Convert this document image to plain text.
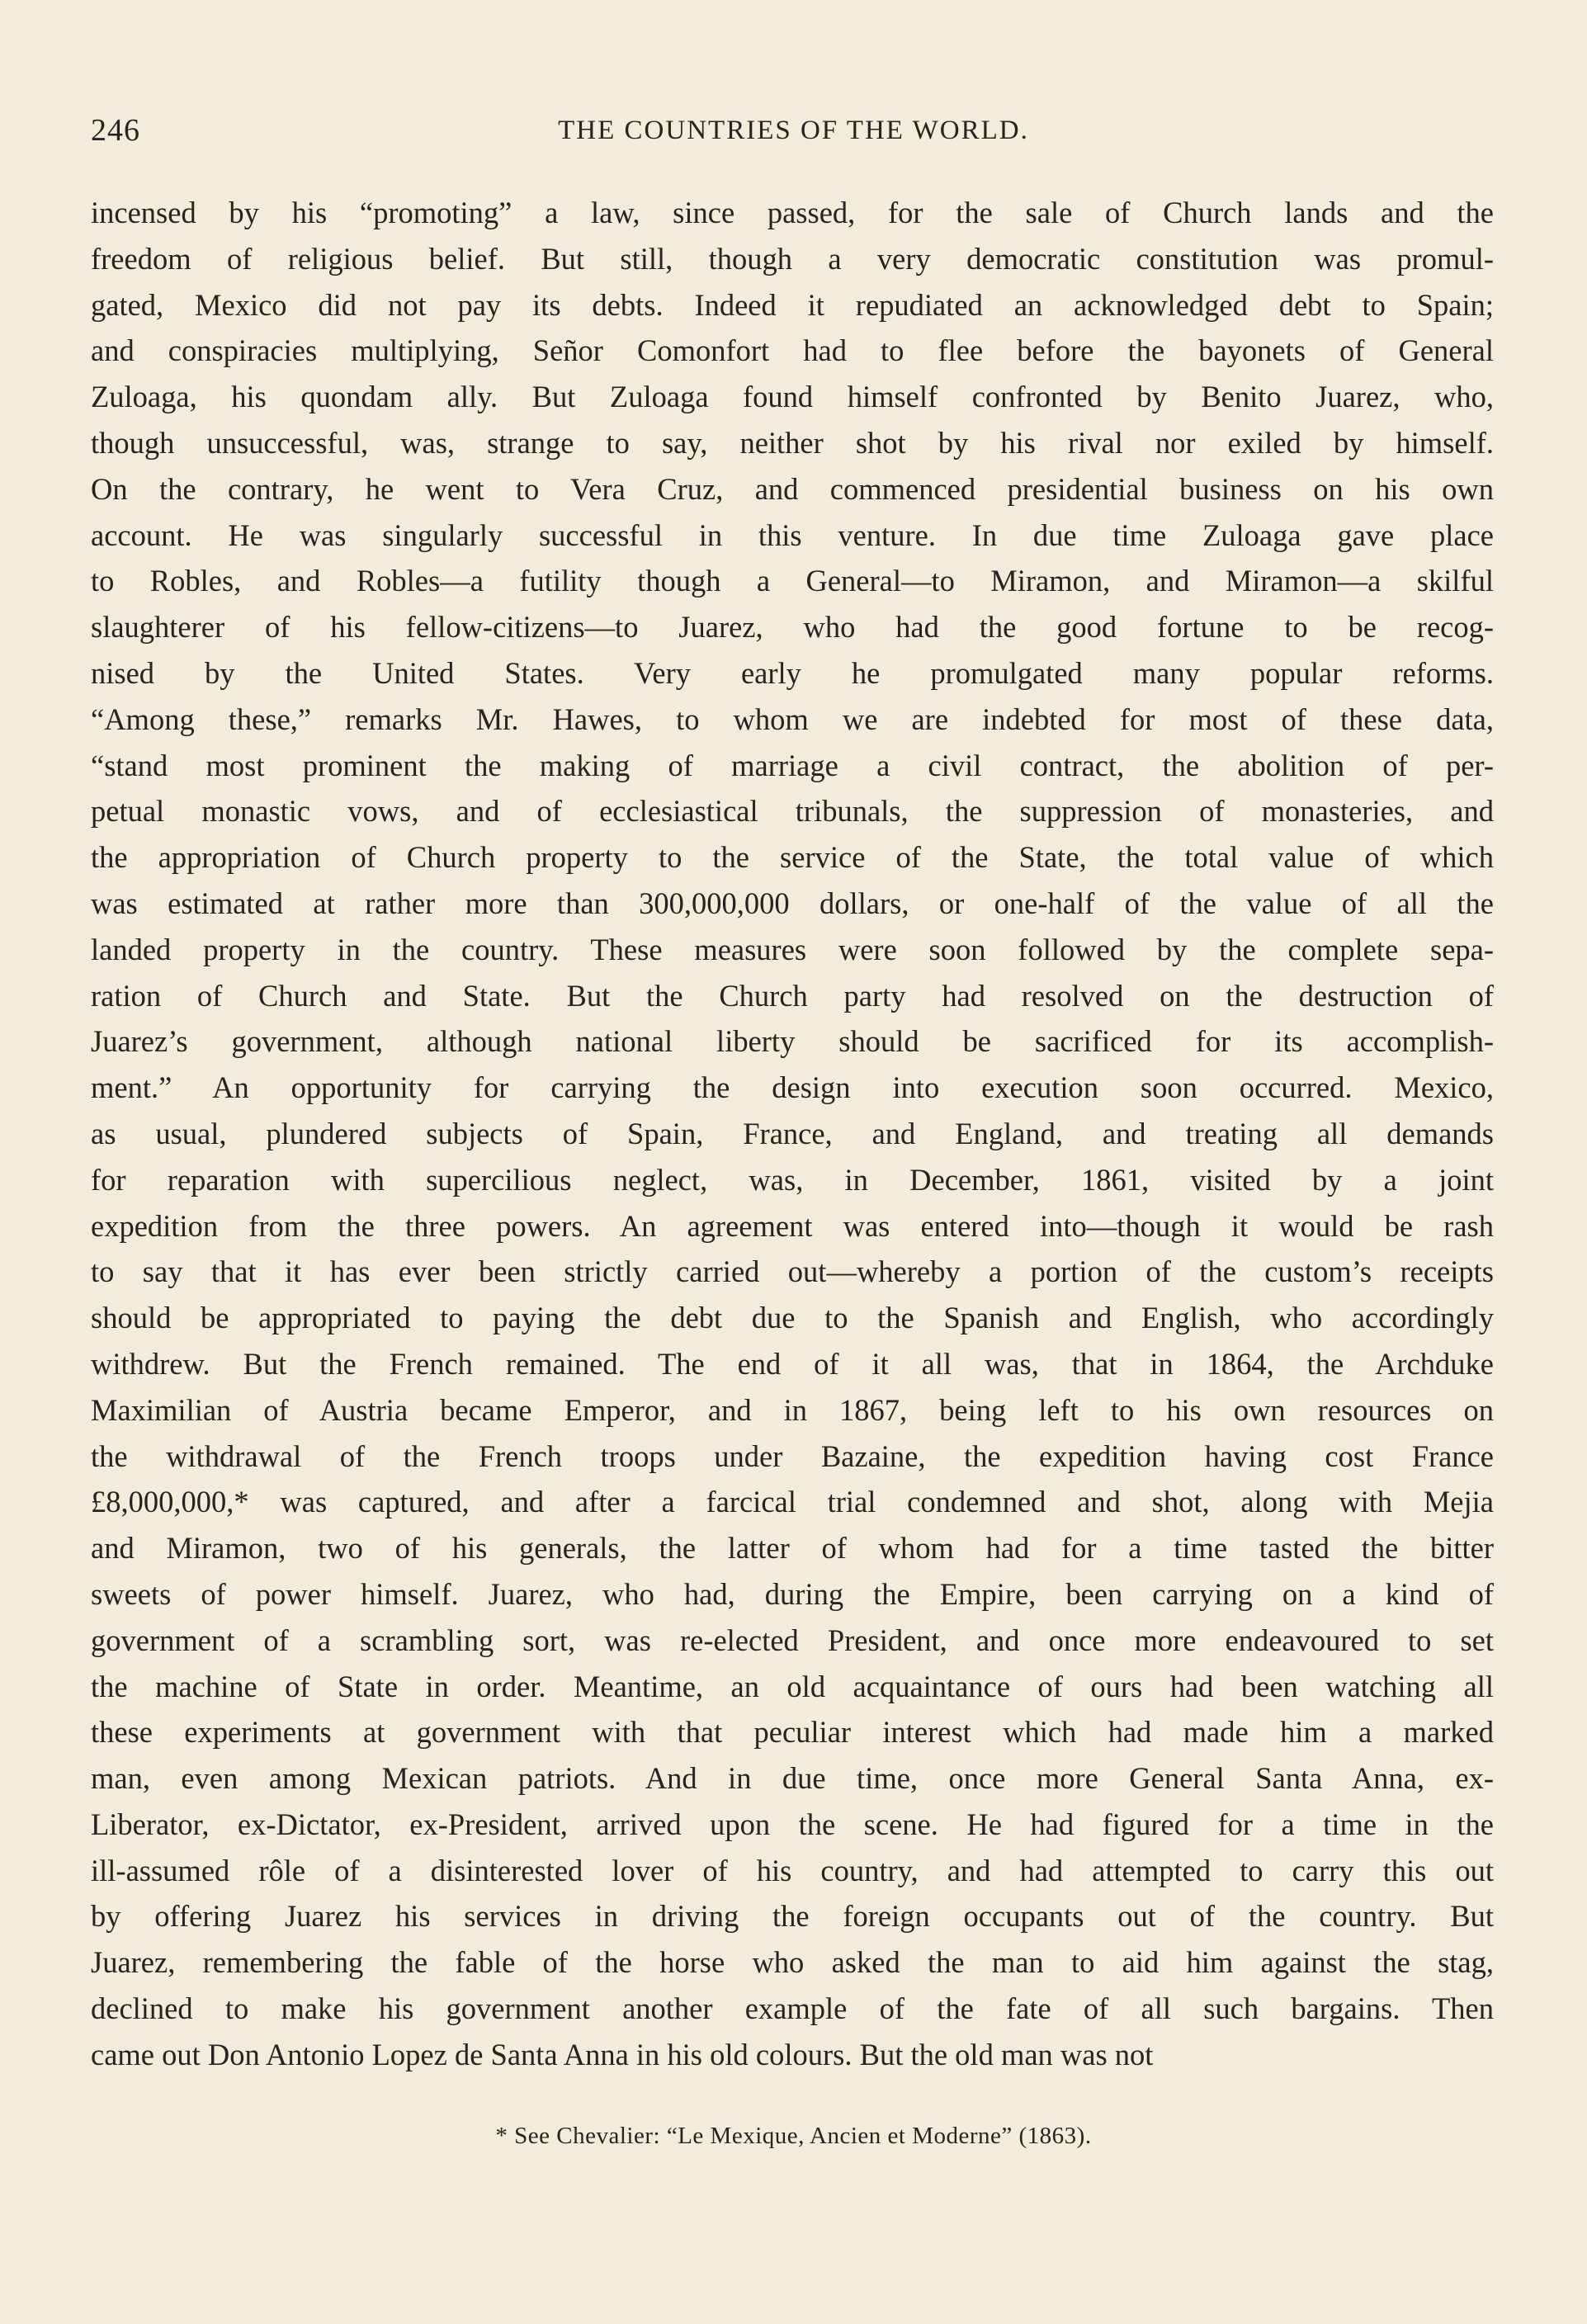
246	THE COUNTRIES OF THE WORLD.
incensed by his “promoting” a law, since passed, for the sale of Church lands and the
freedom of religious belief. But still, though a very democratic constitution was promul-
gated, Mexico did not pay its debts. Indeed it repudiated an acknowledged debt to Spain;
and conspiracies multiplying, Señor Comonfort had to flee before the bayonets of General
Zuloaga, his quondam ally. But Zuloaga found himself confronted by Benito Juarez, who,
though unsuccessful, was, strange to say, neither shot by his rival nor exiled by himself.
On the contrary, he went to Vera Cruz, and commenced presidential business on his own
account. He was singularly successful in this venture. In due time Zuloaga gave place
to Robles, and Robles—a futility though a General—to Miramon, and Miramon—a skilful
slaughterer of his fellow-citizens—to Juarez, who had the good fortune to be recog-
nised by the United States. Very early he promulgated many popular reforms.
“Among these,” remarks Mr. Hawes, to whom we are indebted for most of these data,
“stand most prominent the making of marriage a civil contract, the abolition of per-
petual monastic vows, and of ecclesiastical tribunals, the suppression of monasteries, and
the appropriation of Church property to the service of the State, the total value of which
was estimated at rather more than 300,000,000 dollars, or one-half of the value of all the
landed property in the country. These measures were soon followed by the complete sepa-
ration of Church and State. But the Church party had resolved on the destruction of
Juarez’s government, although national liberty should be sacrificed for its accomplish-
ment.” An opportunity for carrying the design into execution soon occurred. Mexico,
as usual, plundered subjects of Spain, France, and England, and treating all demands
for reparation with supercilious neglect, was, in December, 1861, visited by a joint
expedition from the three powers. An agreement was entered into—though it would be rash
to say that it has ever been strictly carried out—whereby a portion of the custom’s receipts
should be appropriated to paying the debt due to the Spanish and English, who accordingly
withdrew. But the French remained. The end of it all was, that in 1864, the Archduke
Maximilian of Austria became Emperor, and in 1867, being left to his own resources on
the withdrawal of the French troops under Bazaine, the expedition having cost France
£8,000,000,* was captured, and after a farcical trial condemned and shot, along with Mejia
and Miramon, two of his generals, the latter of whom had for a time tasted the bitter
sweets of power himself. Juarez, who had, during the Empire, been carrying on a kind of
government of a scrambling sort, was re-elected President, and once more endeavoured to set
the machine of State in order. Meantime, an old acquaintance of ours had been watching all
these experiments at government with that peculiar interest which had made him a marked
man, even among Mexican patriots. And in due time, once more General Santa Anna, ex-
Liberator, ex-Dictator, ex-President, arrived upon the scene. He had figured for a time in the
ill-assumed rôle of a disinterested lover of his country, and had attempted to carry this out
by offering Juarez his services in driving the foreign occupants out of the country. But
Juarez, remembering the fable of the horse who asked the man to aid him against the stag,
declined to make his government another example of the fate of all such bargains. Then
came out Don Antonio Lopez de Santa Anna in his old colours. But the old man was not
* See Chevalier: “Le Mexique, Ancien et Moderne” (1863).
